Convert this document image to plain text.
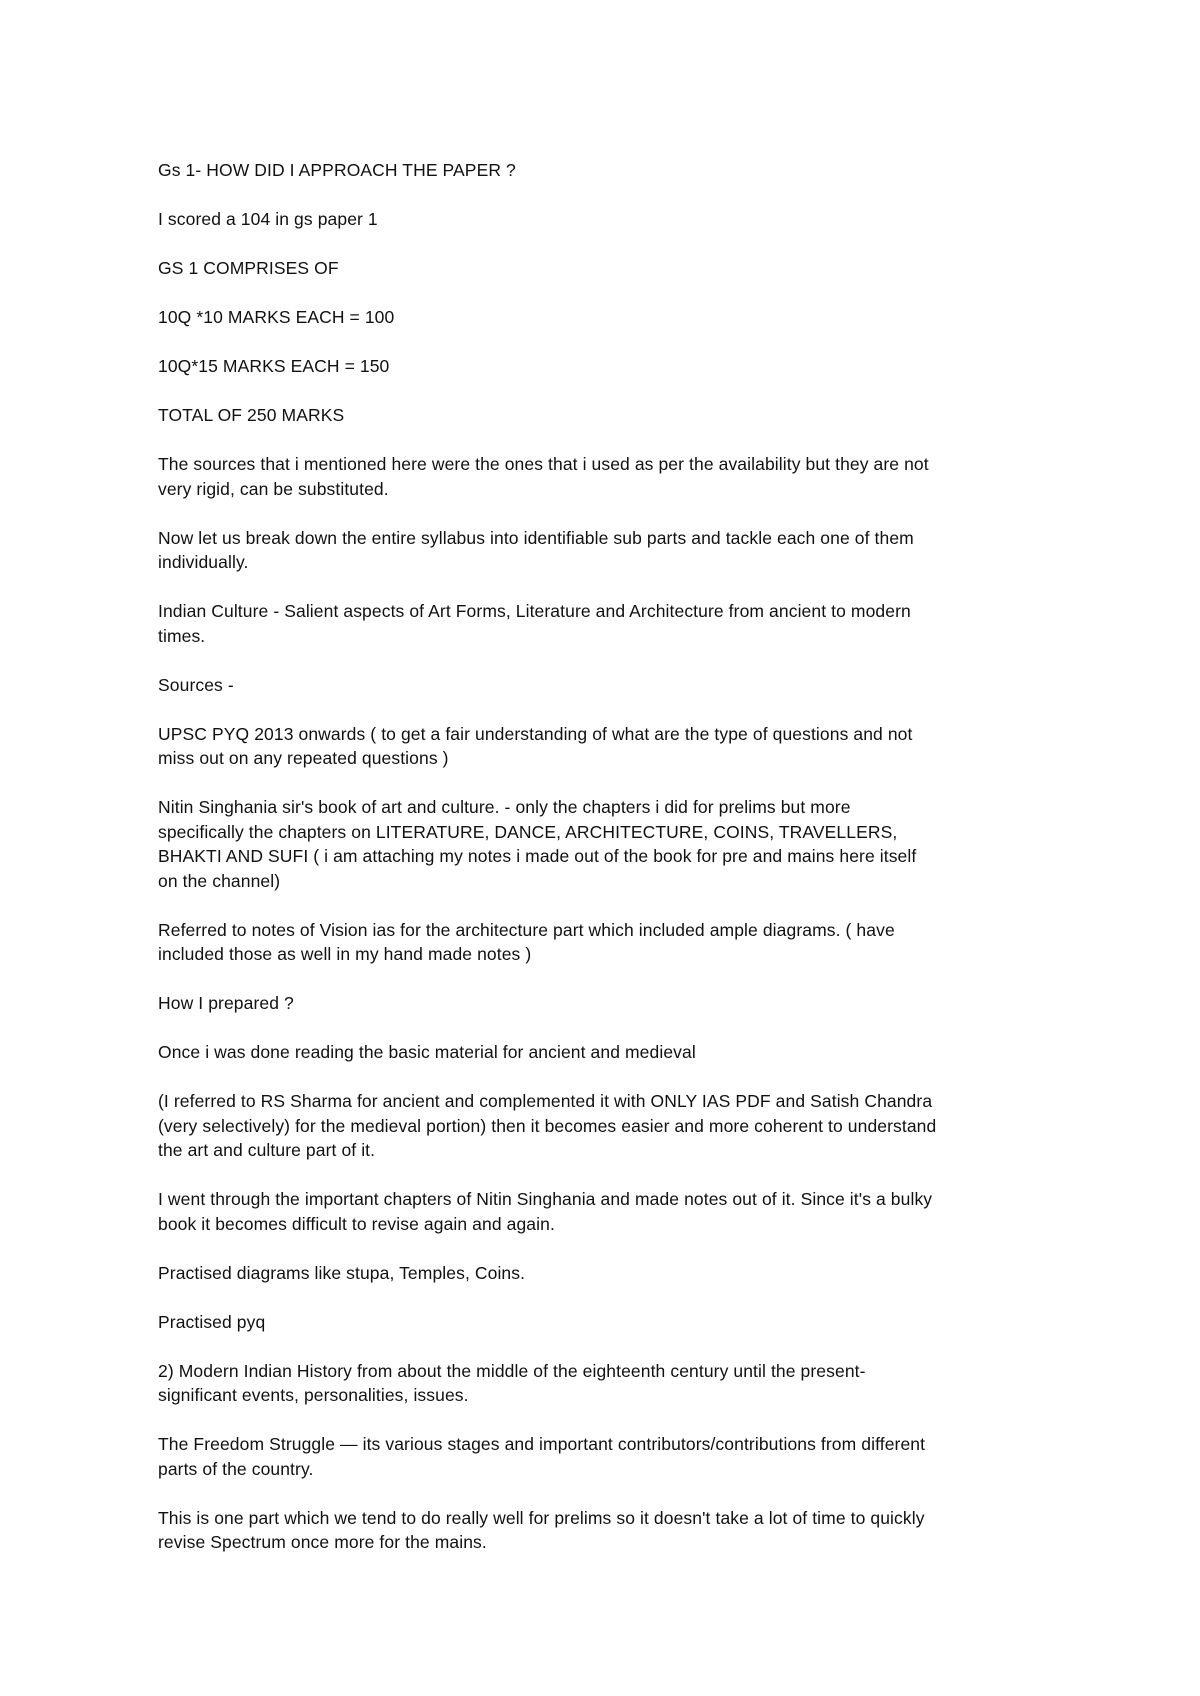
Gs 1- HOW DID I APPROACH THE PAPER ?

I scored a 104 in gs paper 1

GS 1 COMPRISES OF

10Q *10 MARKS EACH = 100

10Q*15 MARKS EACH = 150

TOTAL OF 250 MARKS

The sources that i mentioned here were the ones that i used as per the availability but they are not
very rigid, can be substituted.

Now let us break down the entire syllabus into identifiable sub parts and tackle each one of them
individually.

Indian Culture - Salient aspects of Art Forms, Literature and Architecture from ancient to modern
times.

Sources -

UPSC PYQ 2013 onwards ( to get a fair understanding of what are the type of questions and not
miss out on any repeated questions )

Nitin Singhania sir's book of art and culture. - only the chapters i did for prelims but more
specifically the chapters on LITERATURE, DANCE, ARCHITECTURE, COINS, TRAVELLERS,
BHAKTI AND SUFI ( i am attaching my notes i made out of the book for pre and mains here itself
on the channel)

Referred to notes of Vision ias for the architecture part which included ample diagrams. ( have
included those as well in my hand made notes )

How I prepared ?

Once i was done reading the basic material for ancient and medieval

(I referred to RS Sharma for ancient and complemented it with ONLY IAS PDF and Satish Chandra
(very selectively) for the medieval portion) then it becomes easier and more coherent to understand
the art and culture part of it.

I went through the important chapters of Nitin Singhania and made notes out of it. Since it's a bulky
book it becomes difficult to revise again and again.

Practised diagrams like stupa, Temples, Coins.

Practised pyq

2) Modern Indian History from about the middle of the eighteenth century until the present-
significant events, personalities, issues.

The Freedom Struggle — its various stages and important contributors/contributions from different
parts of the country.

This is one part which we tend to do really well for prelims so it doesn't take a lot of time to quickly
revise Spectrum once more for the mains.
